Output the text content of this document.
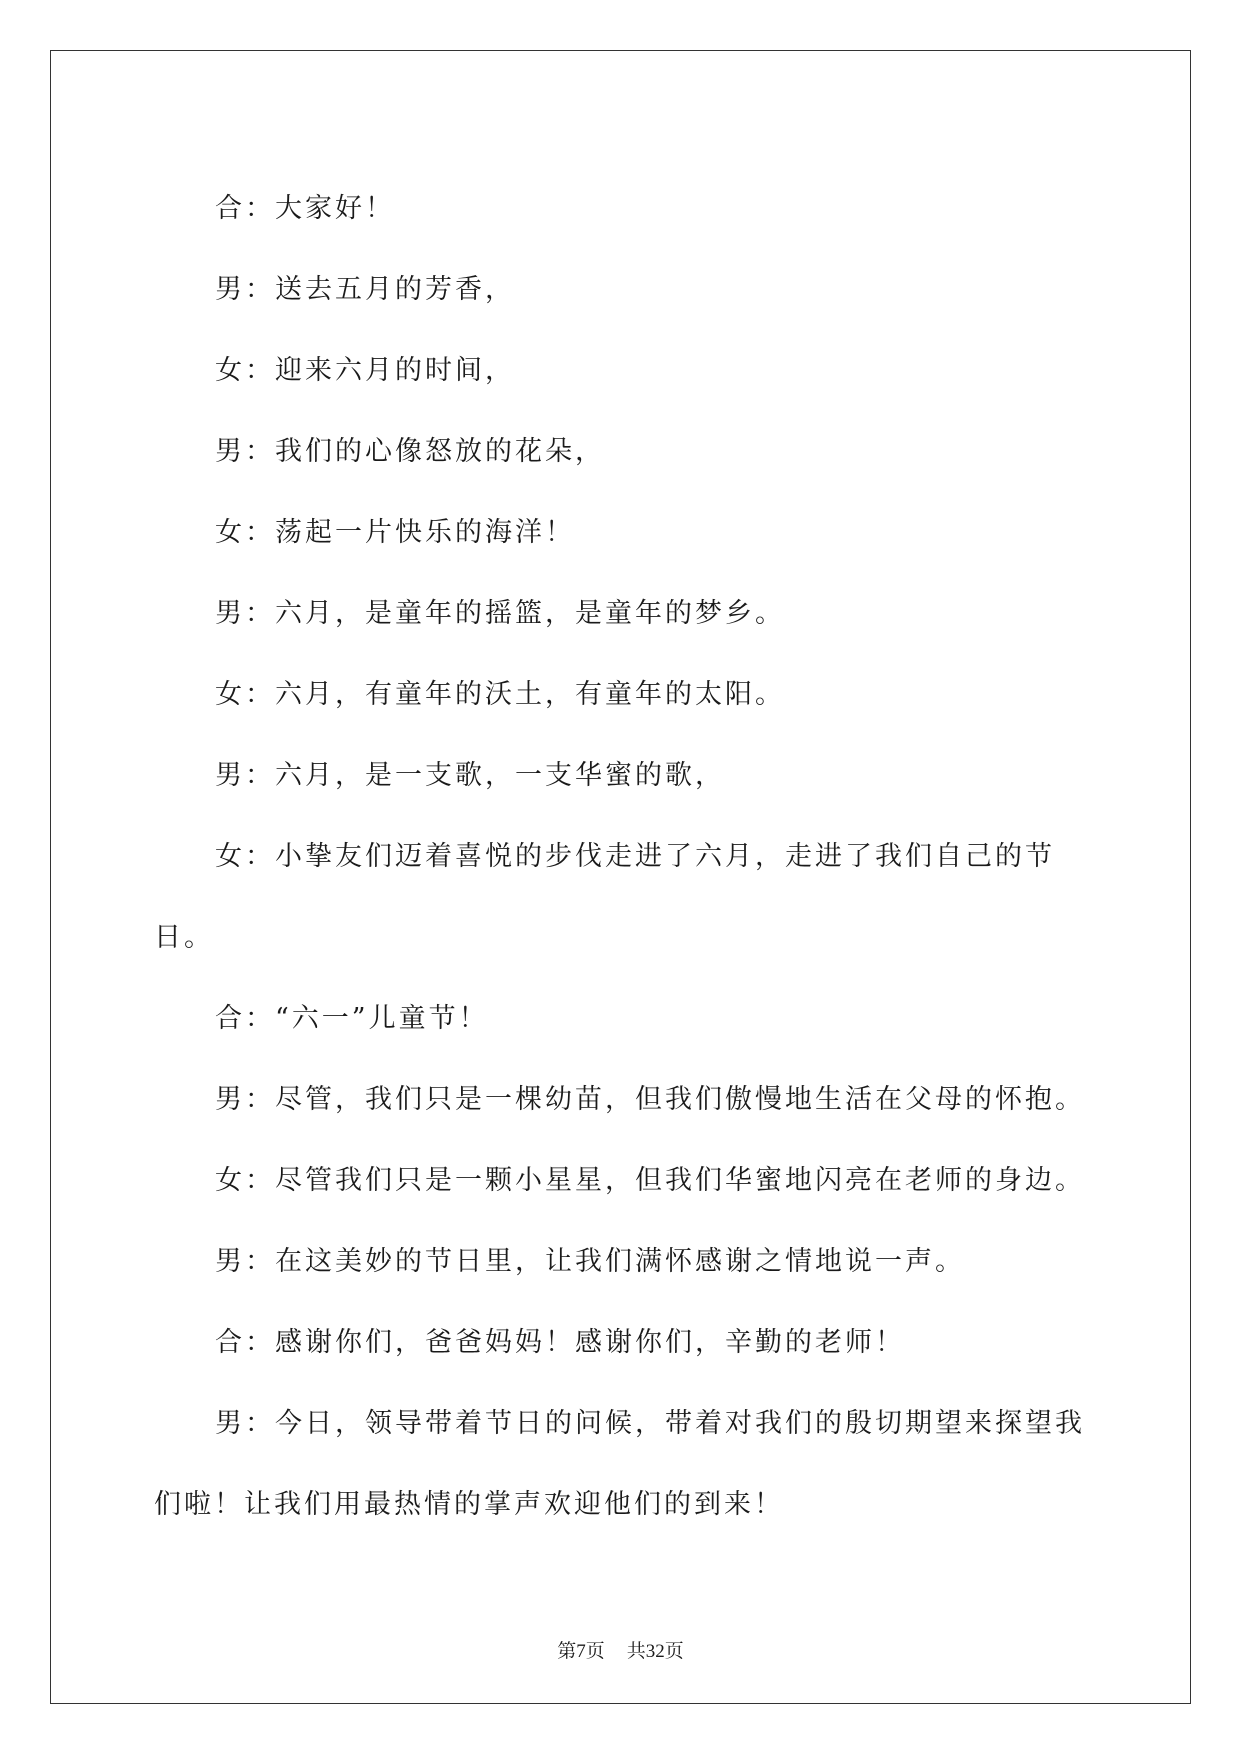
合：大家好！

男：送去五月的芳香，

女：迎来六月的时间，

男：我们的心像怒放的花朵，

女：荡起一片快乐的海洋！

男：六月，是童年的摇篮，是童年的梦乡。

女：六月，有童年的沃土，有童年的太阳。

男：六月，是一支歌，一支华蜜的歌，

女：小挚友们迈着喜悦的步伐走进了六月，走进了我们自己的节日。

合：“六一”儿童节！

男：尽管，我们只是一棵幼苗，但我们傲慢地生活在父母的怀抱。

女：尽管我们只是一颗小星星，但我们华蜜地闪亮在老师的身边。

男：在这美妙的节日里，让我们满怀感谢之情地说一声。

合：感谢你们，爸爸妈妈！感谢你们，辛勤的老师！

男：今日，领导带着节日的问候，带着对我们的殷切期望来探望我们啦！让我们用最热情的掌声欢迎他们的到来！

第7页 共32页
